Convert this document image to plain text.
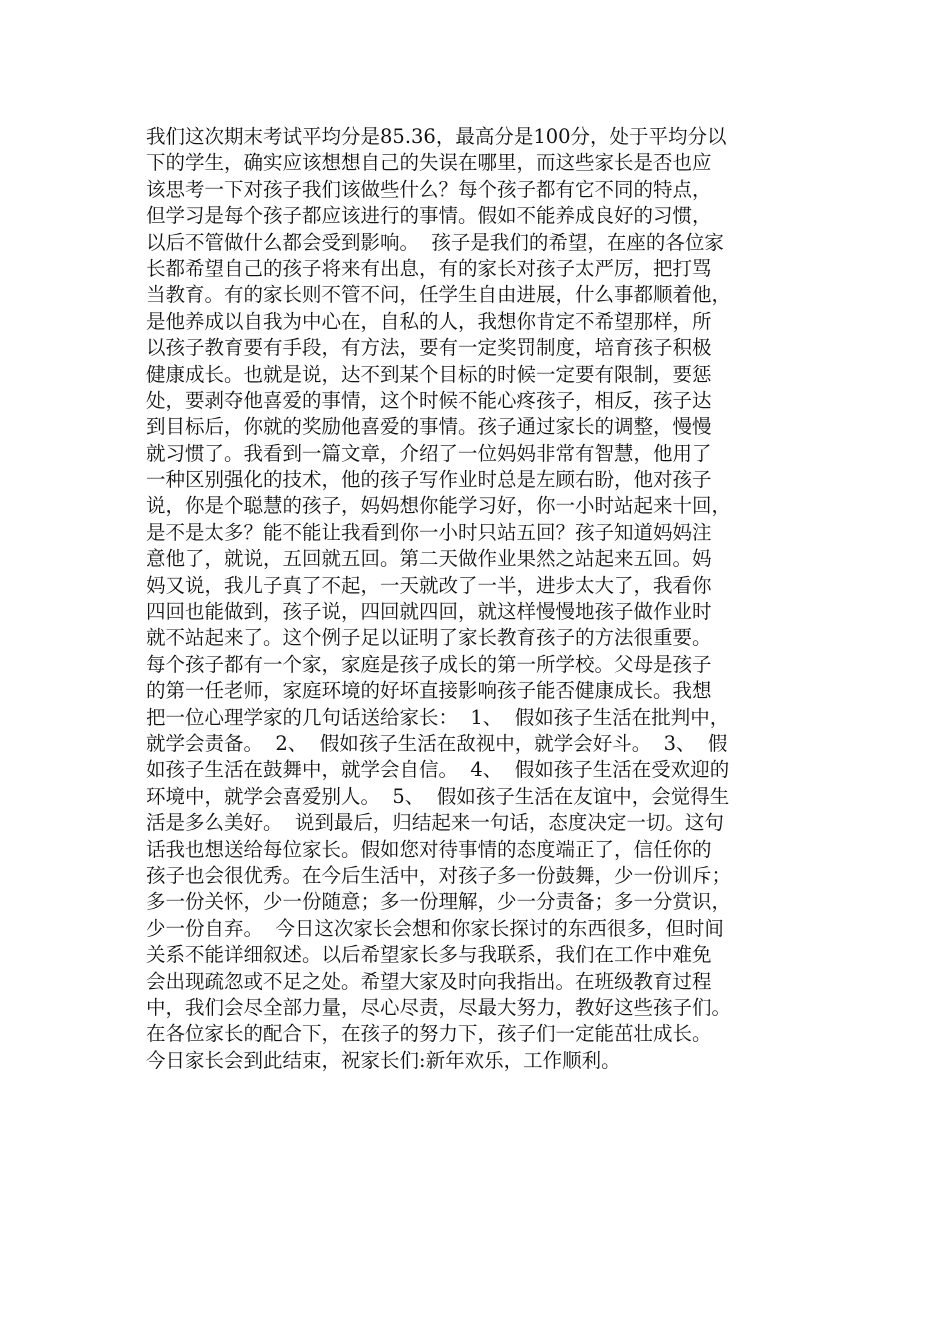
我们这次期末考试平均分是85.36，最高分是100分，处于平均分以
下的学生，确实应该想想自己的失误在哪里，而这些家长是否也应
该思考一下对孩子我们该做些什么？每个孩子都有它不同的特点，
但学习是每个孩子都应该进行的事情。假如不能养成良好的习惯，
以后不管做什么都会受到影响。  孩子是我们的希望，在座的各位家
长都希望自己的孩子将来有出息，有的家长对孩子太严厉，把打骂
当教育。有的家长则不管不问，任学生自由进展，什么事都顺着他，
是他养成以自我为中心在，自私的人，我想你肯定不希望那样，所
以孩子教育要有手段，有方法，要有一定奖罚制度，培育孩子积极
健康成长。也就是说，达不到某个目标的时候一定要有限制，要惩
处，要剥夺他喜爱的事情，这个时候不能心疼孩子，相反，孩子达
到目标后，你就的奖励他喜爱的事情。孩子通过家长的调整，慢慢
就习惯了。我看到一篇文章，介绍了一位妈妈非常有智慧，他用了
一种区别强化的技术，他的孩子写作业时总是左顾右盼，他对孩子
说，你是个聪慧的孩子，妈妈想你能学习好，你一小时站起来十回，
是不是太多？能不能让我看到你一小时只站五回？孩子知道妈妈注
意他了，就说，五回就五回。第二天做作业果然之站起来五回。妈
妈又说，我儿子真了不起，一天就改了一半，进步太大了，我看你
四回也能做到，孩子说，四回就四回，就这样慢慢地孩子做作业时
就不站起来了。这个例子足以证明了家长教育孩子的方法很重要。
每个孩子都有一个家，家庭是孩子成长的第一所学校。父母是孩子
的第一任老师，家庭环境的好坏直接影响孩子能否健康成长。我想
把一位心理学家的几句话送给家长：  1、  假如孩子生活在批判中，
就学会责备。  2、  假如孩子生活在敌视中，就学会好斗。  3、  假
如孩子生活在鼓舞中，就学会自信。  4、  假如孩子生活在受欢迎的
环境中，就学会喜爱别人。  5、  假如孩子生活在友谊中，会觉得生
活是多么美好。  说到最后，归结起来一句话，态度决定一切。这句
话我也想送给每位家长。假如您对待事情的态度端正了，信任你的
孩子也会很优秀。在今后生活中，对孩子多一份鼓舞，少一份训斥；
多一份关怀，少一份随意；多一份理解，少一分责备；多一分赏识，
少一份自弃。  今日这次家长会想和你家长探讨的东西很多，但时间
关系不能详细叙述。以后希望家长多与我联系，我们在工作中难免
会出现疏忽或不足之处。希望大家及时向我指出。在班级教育过程
中，我们会尽全部力量，尽心尽责，尽最大努力，教好这些孩子们。
在各位家长的配合下，在孩子的努力下，孩子们一定能茁壮成长。
今日家长会到此结束，祝家长们:新年欢乐，工作顺利。
